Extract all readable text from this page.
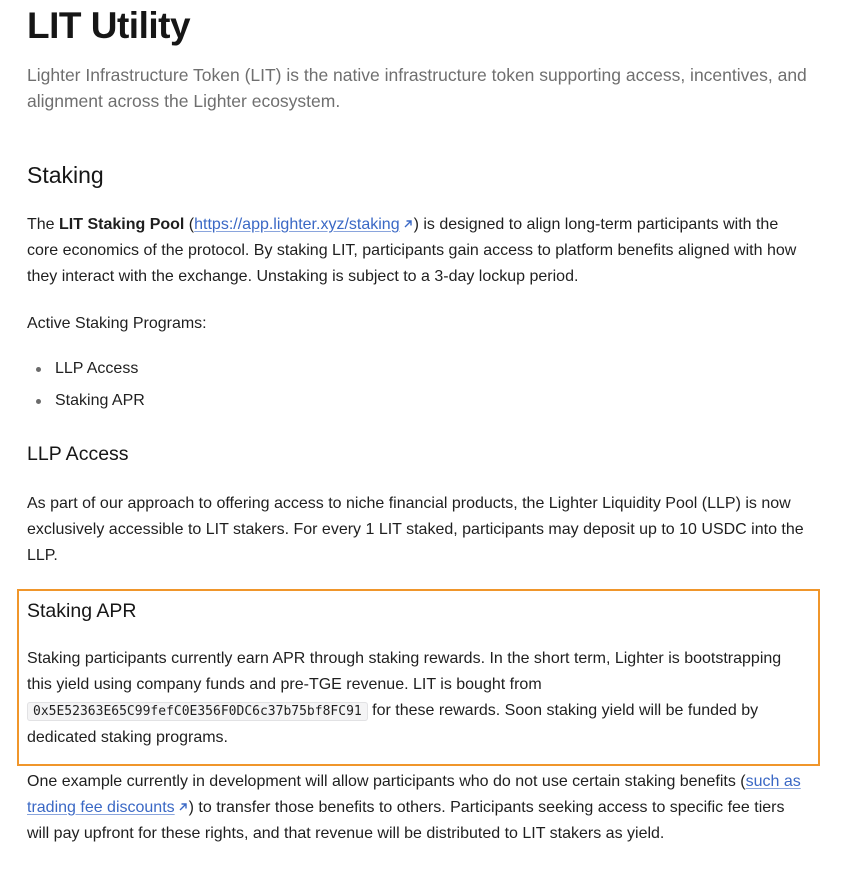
LIT Utility

Lighter Infrastructure Token (LIT) is the native infrastructure token supporting access, incentives, and alignment across the Lighter ecosystem.

Staking

The LIT Staking Pool (https://app.lighter.xyz/staking ) is designed to align long-term participants with the core economics of the protocol. By staking LIT, participants gain access to platform benefits aligned with how they interact with the exchange. Unstaking is subject to a 3-day lockup period.

Active Staking Programs:

LLP Access
Staking APR
LLP Access

As part of our approach to offering access to niche financial products, the Lighter Liquidity Pool (LLP) is now exclusively accessible to LIT stakers. For every 1 LIT staked, participants may deposit up to 10 USDC into the LLP.

Staking APR

Staking participants currently earn APR through staking rewards. In the short term, Lighter is bootstrapping this yield using company funds and pre-TGE revenue. LIT is bought from 0x5E52363E65C99fefC0E356F0DC6c37b75bf8FC91 for these rewards. Soon staking yield will be funded by dedicated staking programs.

One example currently in development will allow participants who do not use certain staking benefits (such as trading fee discounts ) to transfer those benefits to others. Participants seeking access to specific fee tiers will pay upfront for these rights, and that revenue will be distributed to LIT stakers as yield.
